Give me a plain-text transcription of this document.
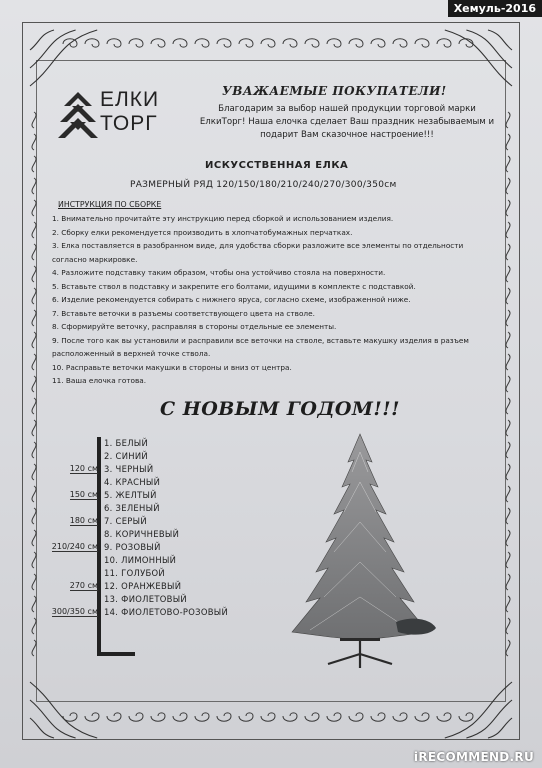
ЕЛКИ
ТОРГ
УВАЖАЕМЫЕ ПОКУПАТЕЛИ!
Благодарим за выбор нашей продукции торговой марки ЕлкиТорг! Наша елочка сделает Ваш праздник незабываемым и подарит Вам сказочное настроение!!!
ИСКУССТВЕННАЯ ЕЛКА
РАЗМЕРНЫЙ РЯД 120/150/180/210/240/270/300/350см
ИНСТРУКЦИЯ ПО СБОРКЕ
1. Внимательно прочитайте эту инструкцию перед сборкой и использованием изделия.
2. Сборку елки рекомендуется производить в хлопчатобумажных перчатках.
3. Елка поставляется в разобранном виде, для удобства сборки разложите все элементы по отдельности
согласно маркировке.
4. Разложите подставку таким образом, чтобы она устойчиво стояла на поверхности.
5. Вставьте ствол в подставку и закрепите его болтами, идущими в комплекте с подставкой.
6. Изделие рекомендуется собирать с нижнего яруса, согласно схеме, изображенной ниже.
7. Вставьте веточки в разъемы соответствующего цвета на стволе.
8. Сформируйте веточку, расправляя в стороны отдельные ее элементы.
9. После того как вы установили и расправили все веточки на стволе, вставьте макушку изделия в разъем
расположенный в верхней точке ствола.
10. Расправьте веточки макушки в стороны и вниз от центра.
11. Ваша елочка готова.
С НОВЫМ ГОДОМ!!!
120 см
150 см
180 см
210/240 см
270 см
300/350 см
1. БЕЛЫЙ
2. СИНИЙ
3. ЧЕРНЫЙ
4. КРАСНЫЙ
5. ЖЕЛТЫЙ
6. ЗЕЛЕНЫЙ
7. СЕРЫЙ
8. КОРИЧНЕВЫЙ
9. РОЗОВЫЙ
10. ЛИМОННЫЙ
11. ГОЛУБОЙ
12. ОРАНЖЕВЫЙ
13. ФИОЛЕТОВЫЙ
14. ФИОЛЕТОВО-РОЗОВЫЙ
Хемуль-2016
iRECOMMEND.RU
